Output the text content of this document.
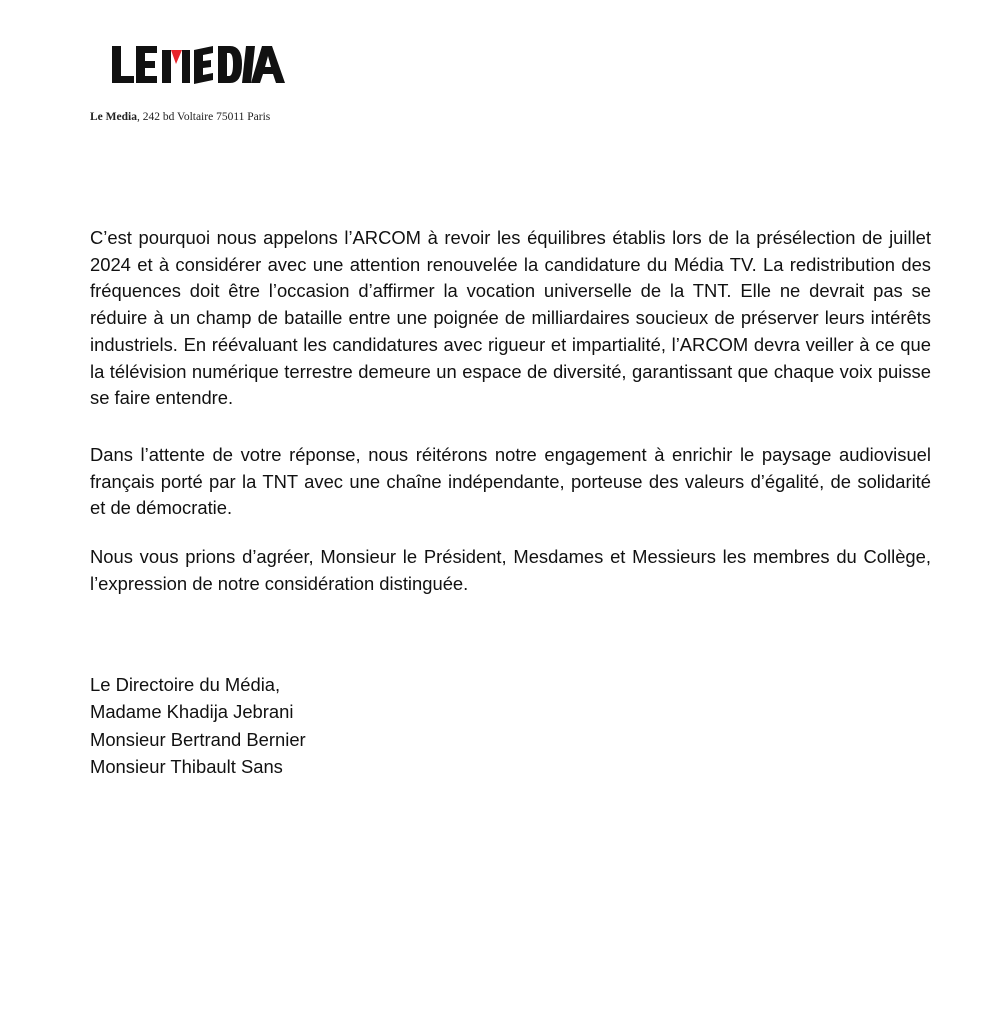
Le Media, 242 bd Voltaire 75011 Paris

C’est pourquoi nous appelons l’ARCOM à revoir les équilibres établis lors de la présélection de juillet 2024 et à considérer avec une attention renouvelée la candidature du Média TV. La redistribution des fréquences doit être l’occasion d’affirmer la vocation universelle de la TNT. Elle ne devrait pas se réduire à un champ de bataille entre une poignée de milliardaires soucieux de préserver leurs intérêts industriels. En réévaluant les candidatures avec rigueur et impartialité, l’ARCOM devra veiller à ce que la télévision numérique terrestre demeure un espace de diversité, garantissant que chaque voix puisse se faire entendre.

Dans l’attente de votre réponse, nous réitérons notre engagement à enrichir le paysage audiovisuel français porté par la TNT avec une chaîne indépendante, porteuse des valeurs d’égalité, de solidarité et de démocratie.

Nous vous prions d’agréer, Monsieur le Président, Mesdames et Messieurs les membres du Collège, l’expression de notre considération distinguée.

Le Directoire du Média,
Madame Khadija Jebrani
Monsieur Bertrand Bernier
Monsieur Thibault Sans
